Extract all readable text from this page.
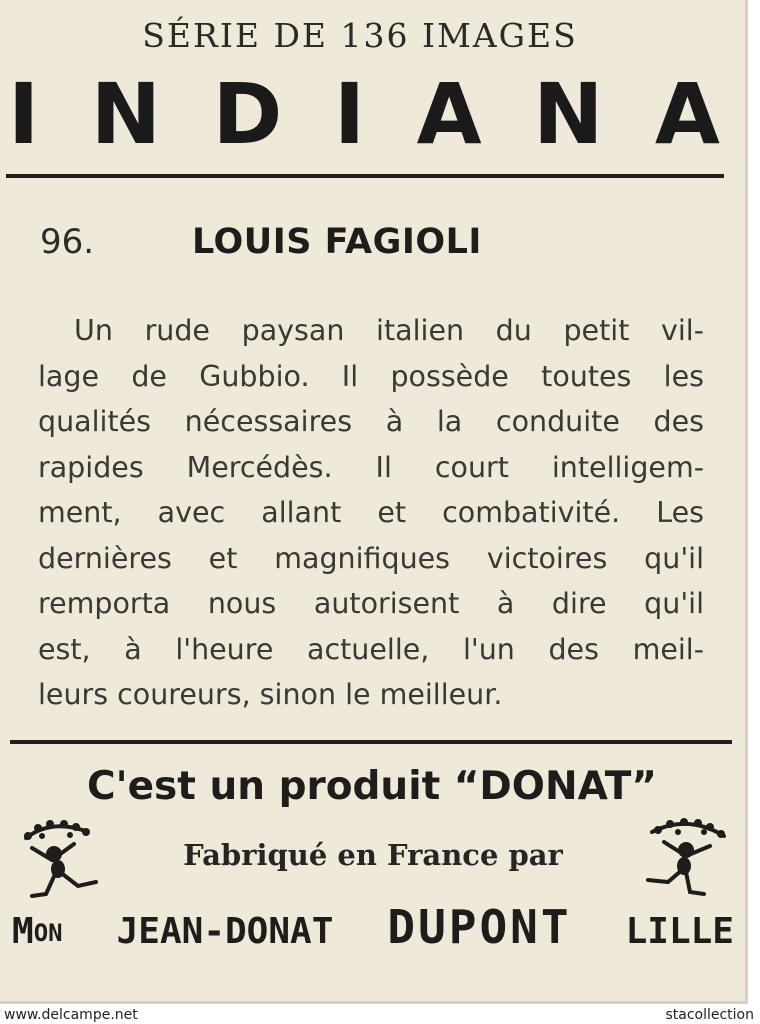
SÉRIE DE 136 IMAGES
I N D I A N A
96.	LOUIS FAGIOLI
Un rude paysan italien du petit vil-
lage de Gubbio. Il possède toutes les
qualités nécessaires à la conduite des
rapides Mercédès. Il court intelligem-
ment, avec allant et combativité. Les
dernières et magnifiques victoires qu'il
remporta nous autorisent à dire qu'il
est, à l'heure actuelle, l'un des meil-
leurs coureurs, sinon le meilleur.
C'est un produit “DONAT”
Fabriqué en France par
$M^{ON}$ JEAN-DONAT DUPONT LILLE
www.delcampe.net	stacollection
